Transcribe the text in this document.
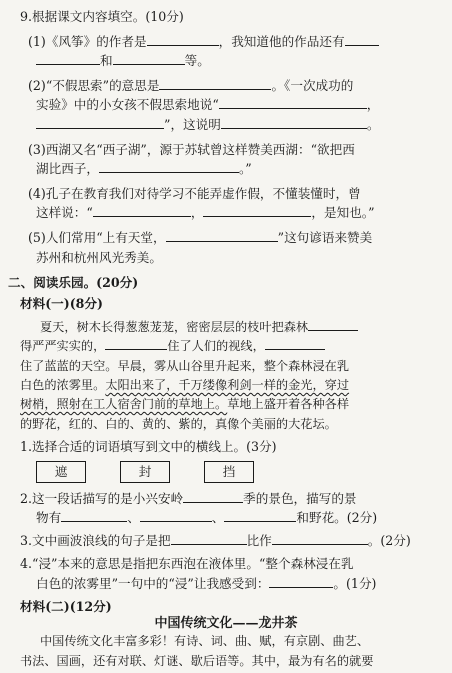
9.根据课文内容填空。(10分)
(1)《风筝》的作者是	，我知道他的作品还有
和	等。
(2)“不假思索”的意思是	。《一次成功的
实验》中的小女孩不假思索地说“	，
”，这说明	。
(3)西湖又名“西子湖”，源于苏轼曾这样赞美西湖：“欲把西
湖比西子，	。”
(4)孔子在教育我们对待学习不能弄虚作假，不懂装懂时，曾
这样说：“	，	，是知也。”
(5)人们常用“上有天堂，	”这句谚语来赞美
苏州和杭州风光秀美。
二、阅读乐园。(20分)
材料(一)(8分)
夏天，树木长得葱葱茏茏，密密层层的枝叶把森林
得严严实实的，	住了人们的视线，
住了蓝蓝的天空。早晨，雾从山谷里升起来，整个森林浸在乳
白色的浓雾里。太阳出来了，千万缕像利剑一样的金光，穿过
树梢，照射在工人宿舍门前的草地上。草地上盛开着各种各样
的野花，红的、白的、黄的、紫的，真像个美丽的大花坛。
1.选择合适的词语填写到文中的横线上。(3分)
遮	封	挡
2.这一段话描写的是小兴安岭	季的景色，描写的景
物有	、	、	和野花。(2分)
3.文中画波浪线的句子是把	比作	。(2分)
4.“浸”本来的意思是指把东西泡在液体里。“整个森林浸在乳
白色的浓雾里”一句中的“浸”让我感受到：	。(1分)
材料(二)(12分)
中国传统文化——龙井茶
中国传统文化丰富多彩！有诗、词、曲、赋，有京剧、曲艺、
书法、国画，还有对联、灯谜、歇后语等。其中，最为有名的就要
